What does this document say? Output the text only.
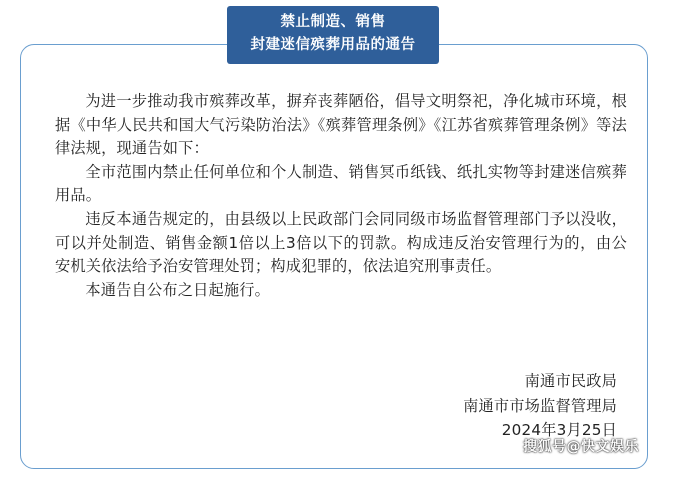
禁止制造、销售
封建迷信殡葬用品的通告

为进一步推动我市殡葬改革，摒弃丧葬陋俗，倡导文明祭祀，净化城市环境，根据《中华人民共和国大气污染防治法》《殡葬管理条例》《江苏省殡葬管理条例》等法律法规，现通告如下：

全市范围内禁止任何单位和个人制造、销售冥币纸钱、纸扎实物等封建迷信殡葬用品。

违反本通告规定的，由县级以上民政部门会同同级市场监督管理部门予以没收，可以并处制造、销售金额1倍以上3倍以下的罚款。构成违反治安管理行为的，由公安机关依法给予治安管理处罚；构成犯罪的，依法追究刑事责任。

本通告自公布之日起施行。

南通市民政局
南通市市场监督管理局
2024年3月25日
搜狐号@快文娱乐
